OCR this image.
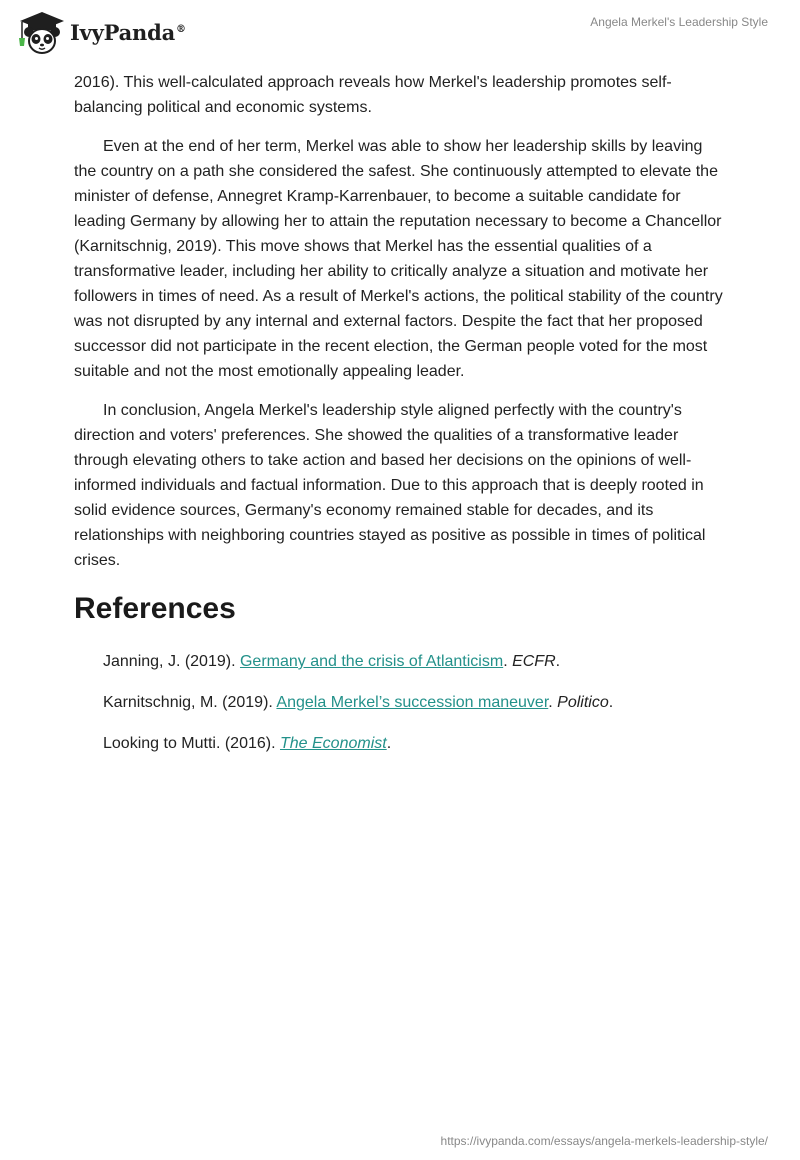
IvyPanda®	Angela Merkel's Leadership Style

2016). This well-calculated approach reveals how Merkel's leadership promotes self-balancing political and economic systems.

Even at the end of her term, Merkel was able to show her leadership skills by leaving the country on a path she considered the safest. She continuously attempted to elevate the minister of defense, Annegret Kramp-Karrenbauer, to become a suitable candidate for leading Germany by allowing her to attain the reputation necessary to become a Chancellor (Karnitschnig, 2019). This move shows that Merkel has the essential qualities of a transformative leader, including her ability to critically analyze a situation and motivate her followers in times of need. As a result of Merkel's actions, the political stability of the country was not disrupted by any internal and external factors. Despite the fact that her proposed successor did not participate in the recent election, the German people voted for the most suitable and not the most emotionally appealing leader.

In conclusion, Angela Merkel's leadership style aligned perfectly with the country's direction and voters' preferences. She showed the qualities of a transformative leader through elevating others to take action and based her decisions on the opinions of well-informed individuals and factual information. Due to this approach that is deeply rooted in solid evidence sources, Germany's economy remained stable for decades, and its relationships with neighboring countries stayed as positive as possible in times of political crises.

References

Janning, J. (2019). Germany and the crisis of Atlanticism. ECFR.

Karnitschnig, M. (2019). Angela Merkel’s succession maneuver. Politico.

Looking to Mutti. (2016). The Economist.

https://ivypanda.com/essays/angela-merkels-leadership-style/
